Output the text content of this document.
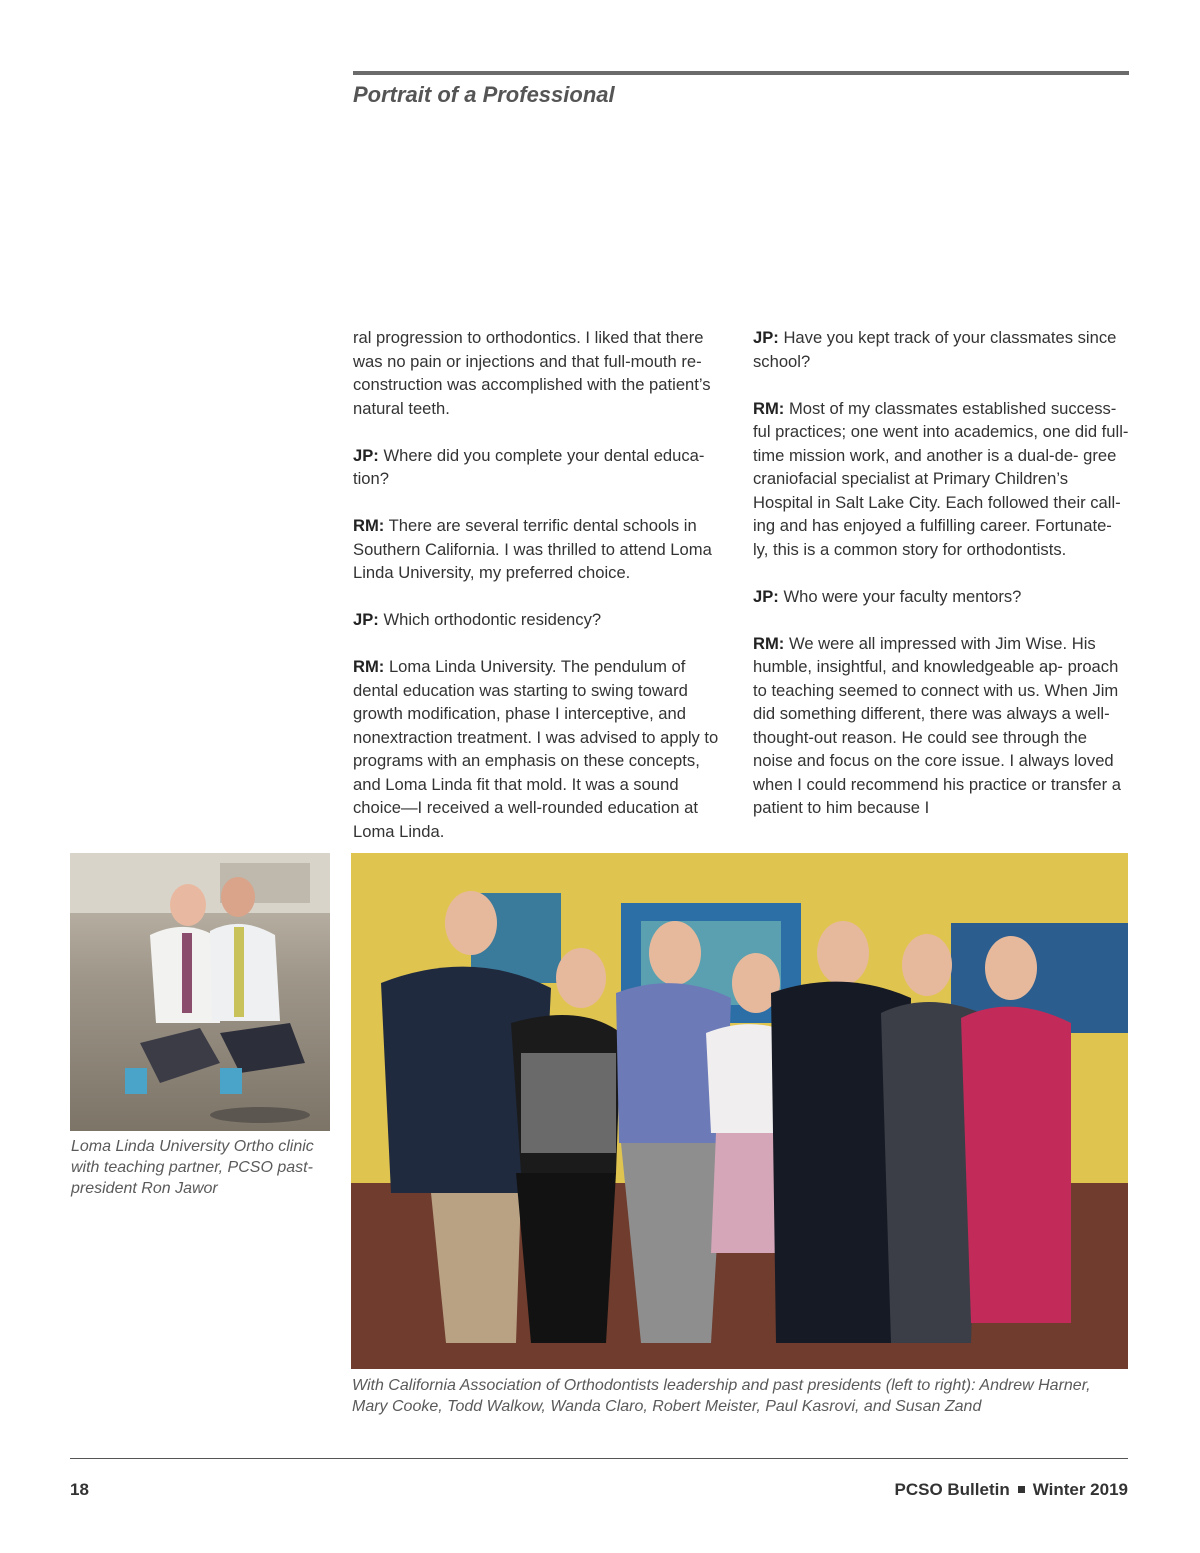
Portrait of a Professional

ral progression to orthodontics. I liked that there was no pain or injections and that full-mouth re- construction was accomplished with the patient’s natural teeth.

JP: Where did you complete your dental educa- tion?

RM: There are several terrific dental schools in Southern California. I was thrilled to attend Loma Linda University, my preferred choice.

JP: Which orthodontic residency?

RM: Loma Linda University. The pendulum of dental education was starting to swing toward growth modification, phase I interceptive, and nonextraction treatment. I was advised to apply to programs with an emphasis on these concepts, and Loma Linda fit that mold. It was a sound choice—I received a well-rounded education at Loma Linda.

JP: Have you kept track of your classmates since school?

RM: Most of my classmates established success- ful practices; one went into academics, one did full-time mission work, and another is a dual-de- gree craniofacial specialist at Primary Children’s Hospital in Salt Lake City. Each followed their call- ing and has enjoyed a fulfilling career. Fortunate- ly, this is a common story for orthodontists.

JP: Who were your faculty mentors?

RM: We were all impressed with Jim Wise. His humble, insightful, and knowledgeable ap- proach to teaching seemed to connect with us. When Jim did something different, there was always a well-thought-out reason. He could see through the noise and focus on the core issue. I always loved when I could recommend his practice or transfer a patient to him because I

Loma Linda University Ortho clinic with teaching partner, PCSO past-president Ron Jawor

With California Association of Orthodontists leadership and past presidents (left to right): Andrew Harner, Mary Cooke, Todd Walkow, Wanda Claro, Robert Meister, Paul Kasrovi, and Susan Zand

18	PCSO Bulletin Winter 2019
